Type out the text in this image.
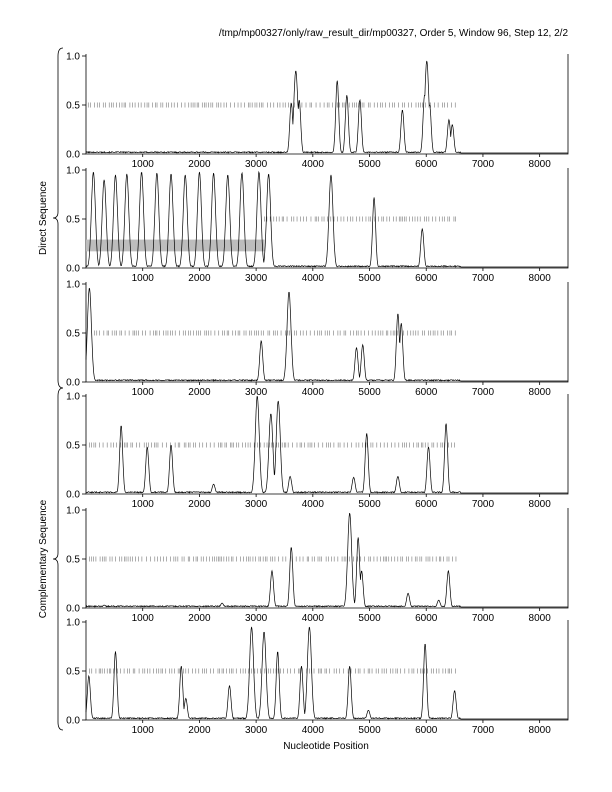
/tmp/mp00327/only/raw_result_dir/mp00327, Order 5, Window 96, Step 12, 2/2
0.0
0.5
1.0
1000	2000	3000	4000	5000	6000	7000	8000
0.0
0.5
1.0
1000	2000	3000	4000	5000	6000	7000	8000
0.0
0.5
1.0
1000	2000	3000	4000	5000	6000	7000	8000
0.0
0.5
1.0
1000	2000	3000	4000	5000	6000	7000	8000
0.0
0.5
1.0
1000	2000	3000	4000	5000	6000	7000	8000
0.0
0.5
1.0
1000	2000	3000	4000	5000	6000	7000	8000
Direct Sequence
Complementary Sequence
Nucleotide Position
